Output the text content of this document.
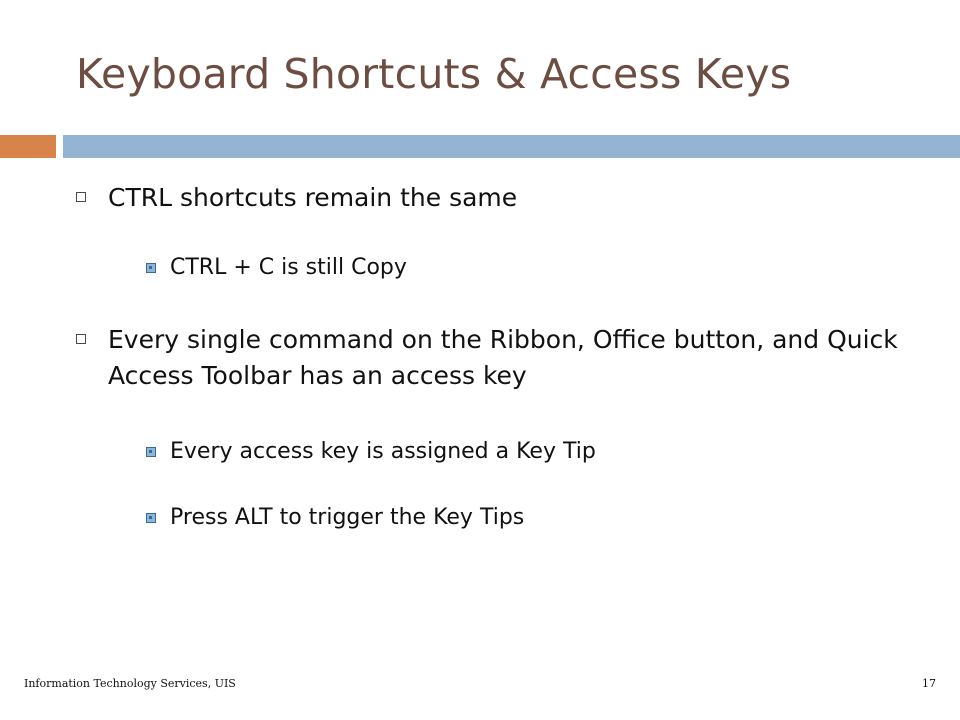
Keyboard Shortcuts & Access Keys
CTRL shortcuts remain the same
CTRL + C is still Copy
Every single command on the Ribbon, Office button, and Quick Access Toolbar has an access key
Every access key is assigned a Key Tip
Press ALT to trigger the Key Tips
Information Technology Services, UIS	17
